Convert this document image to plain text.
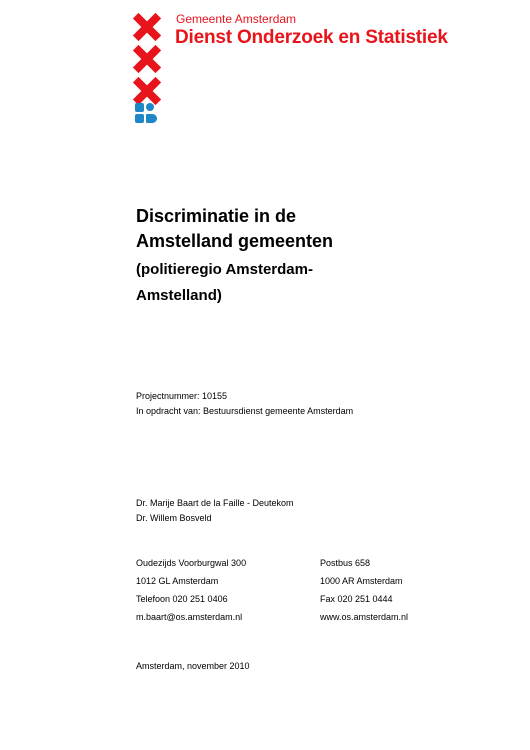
Gemeente Amsterdam
Dienst Onderzoek en Statistiek
Discriminatie in de
Amstelland gemeenten
(politieregio Amsterdam-
Amstelland)
Projectnummer: 10155
In opdracht van: Bestuursdienst gemeente Amsterdam
Dr. Marije Baart de la Faille - Deutekom
Dr. Willem Bosveld
Oudezijds Voorburgwal 300
1012 GL Amsterdam
Telefoon 020 251 0406
m.baart@os.amsterdam.nl
Postbus 658
1000 AR Amsterdam
Fax 020 251 0444
www.os.amsterdam.nl
Amsterdam, november 2010
